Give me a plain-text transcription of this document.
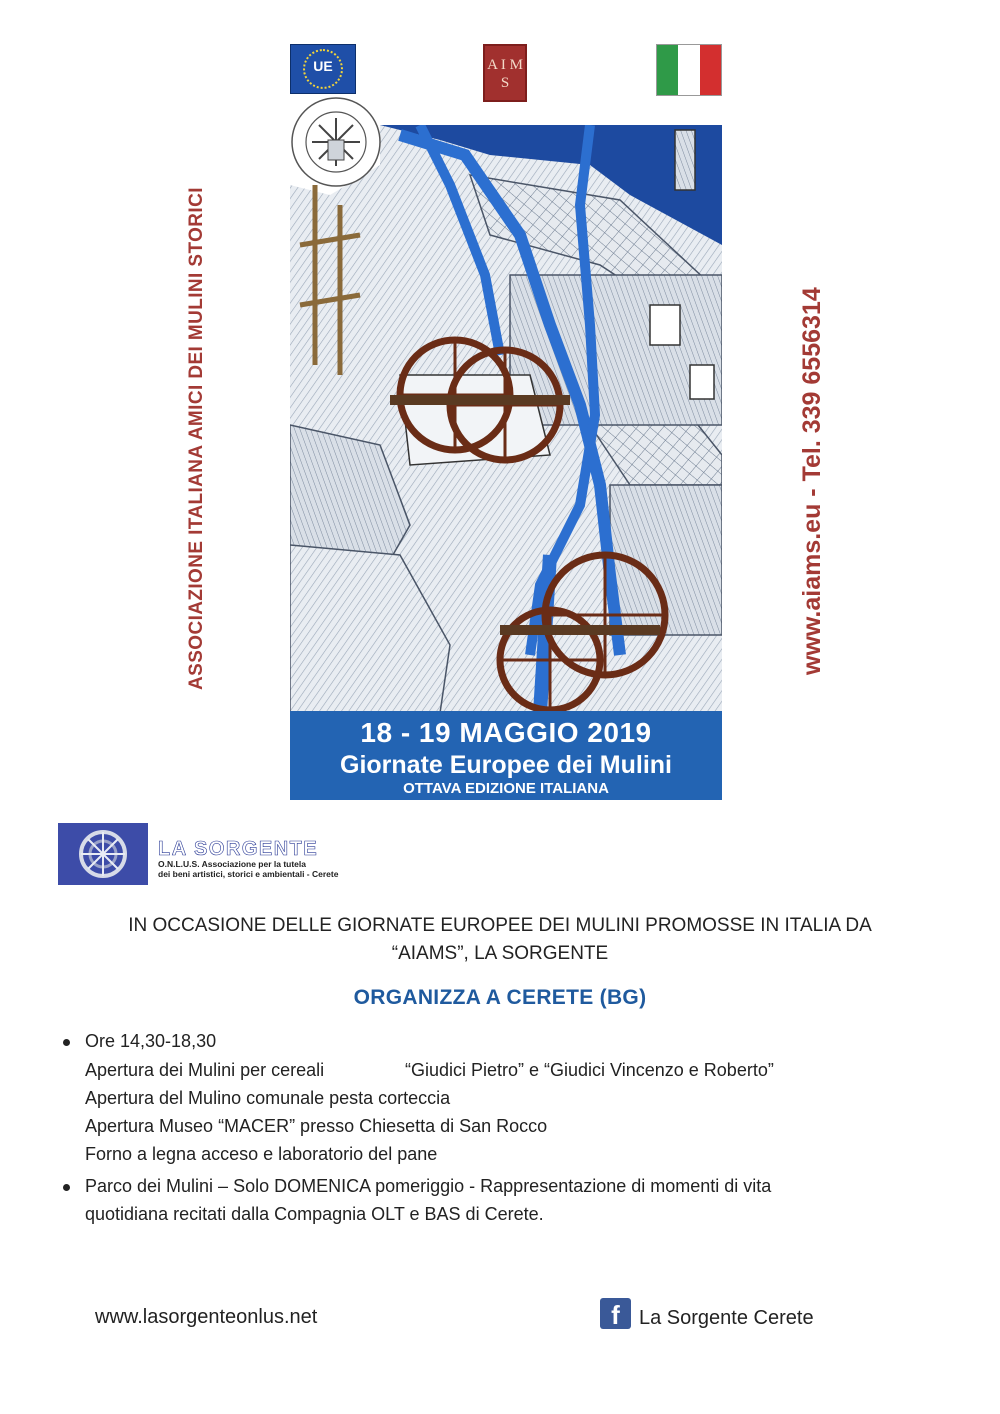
UE	A I M S
ASSOCIAZIONE ITALIANA AMICI DEI MULINI STORICI
18 - 19 MAGGIO 2019
Giornate Europee dei Mulini
OTTAVA EDIZIONE ITALIANA
www.aiams.eu - Tel. 339 6556314
LA SORGENTE
O.N.L.U.S. Associazione per la tutela
dei beni artistici, storici e ambientali - Cerete
IN OCCASIONE DELLE GIORNATE EUROPEE DEI MULINI PROMOSSE IN ITALIA DA
“AIAMS”, LA SORGENTE
ORGANIZZA A CERETE (BG)
Ore 14,30-18,30
Apertura dei Mulini per cereali	“Giudici Pietro” e “Giudici Vincenzo e Roberto”
Apertura del Mulino comunale pesta corteccia
Apertura Museo “MACER” presso Chiesetta di San Rocco
Forno a legna acceso e laboratorio del pane
Parco dei Mulini – Solo DOMENICA pomeriggio - Rappresentazione di momenti di vita
quotidiana recitati dalla Compagnia OLT e BAS di Cerete.
www.lasorgenteonlus.net	f La Sorgente Cerete
